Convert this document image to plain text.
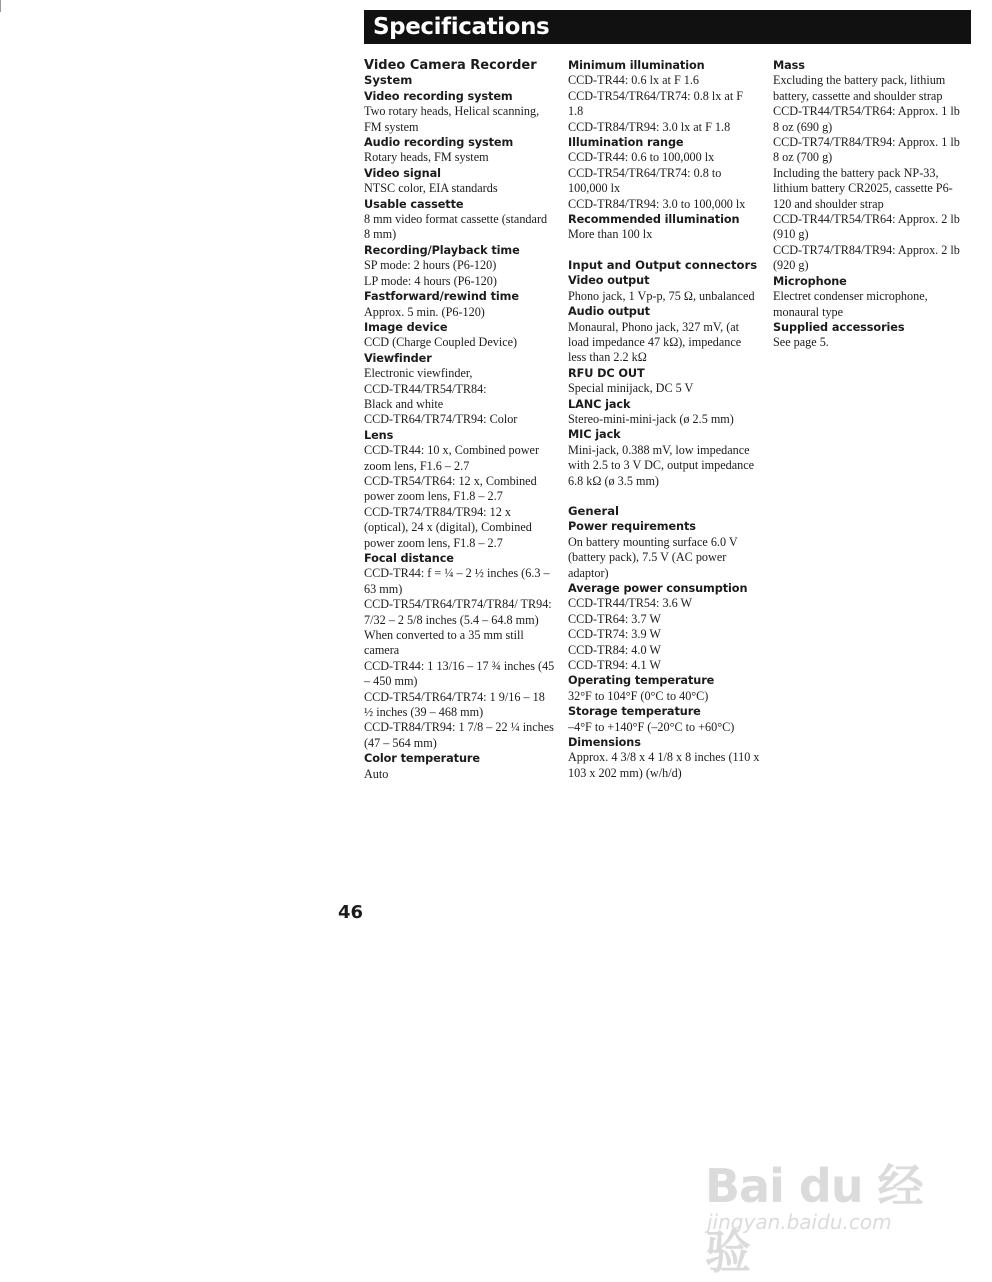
Specifications
Video Camera Recorder
System
Video recording system
Two rotary heads, Helical scanning, FM system
Audio recording system
Rotary heads, FM system
Video signal
NTSC color, EIA standards
Usable cassette
8 mm video format cassette (standard 8 mm)
Recording/Playback time
SP mode: 2 hours (P6-120)
LP mode: 4 hours (P6-120)
Fastforward/rewind time
Approx. 5 min. (P6-120)
Image device
CCD (Charge Coupled Device)
Viewfinder
Electronic viewfinder,
CCD-TR44/TR54/TR84:
Black and white
CCD-TR64/TR74/TR94: Color
Lens
CCD-TR44: 10 x, Combined power zoom lens, F1.6 – 2.7
CCD-TR54/TR64: 12 x, Combined power zoom lens, F1.8 – 2.7
CCD-TR74/TR84/TR94: 12 x (optical), 24 x (digital), Combined power zoom lens, F1.8 – 2.7
Focal distance
CCD-TR44: f = ¼ – 2 ½ inches (6.3 – 63 mm)
CCD-TR54/TR64/TR74/TR84/ TR94: 7/32 – 2 5/8 inches (5.4 – 64.8 mm) When converted to a 35 mm still camera
CCD-TR44: 1 13/16 – 17 ¾ inches (45 – 450 mm)
CCD-TR54/TR64/TR74: 1 9/16 – 18 ½ inches (39 – 468 mm)
CCD-TR84/TR94: 1 7/8 – 22 ¼ inches (47 – 564 mm)
Color temperature
Auto
Minimum illumination
CCD-TR44: 0.6 lx at F 1.6
CCD-TR54/TR64/TR74: 0.8 lx at F 1.8
CCD-TR84/TR94: 3.0 lx at F 1.8
Illumination range
CCD-TR44: 0.6 to 100,000 lx
CCD-TR54/TR64/TR74: 0.8 to 100,000 lx
CCD-TR84/TR94: 3.0 to 100,000 lx
Recommended illumination
More than 100 lx
Input and Output connectors
Video output
Phono jack, 1 Vp-p, 75 Ω, unbalanced
Audio output
Monaural, Phono jack, 327 mV, (at load impedance 47 kΩ), impedance less than 2.2 kΩ
RFU DC OUT
Special minijack, DC 5 V
LANC jack
Stereo-mini-mini-jack (ø 2.5 mm)
MIC jack
Mini-jack, 0.388 mV, low impedance with 2.5 to 3 V DC, output impedance 6.8 kΩ (ø 3.5 mm)
General
Power requirements
On battery mounting surface 6.0 V (battery pack), 7.5 V (AC power adaptor)
Average power consumption
CCD-TR44/TR54: 3.6 W
CCD-TR64: 3.7 W
CCD-TR74: 3.9 W
CCD-TR84: 4.0 W
CCD-TR94: 4.1 W
Operating temperature
32°F to 104°F (0°C to 40°C)
Storage temperature
–4°F to +140°F (–20°C to +60°C)
Dimensions
Approx. 4 3/8 x 4 1/8 x 8 inches (110 x 103 x 202 mm) (w/h/d)
Mass
Excluding the battery pack, lithium battery, cassette and shoulder strap
CCD-TR44/TR54/TR64: Approx. 1 lb 8 oz (690 g)
CCD-TR74/TR84/TR94: Approx. 1 lb 8 oz (700 g)
Including the battery pack NP-33, lithium battery CR2025, cassette P6-120 and shoulder strap
CCD-TR44/TR54/TR64: Approx. 2 lb (910 g)
CCD-TR74/TR84/TR94: Approx. 2 lb (920 g)
Microphone
Electret condenser microphone, monaural type
Supplied accessories
See page 5.
46
Bai du 经验
jingyan.baidu.com
